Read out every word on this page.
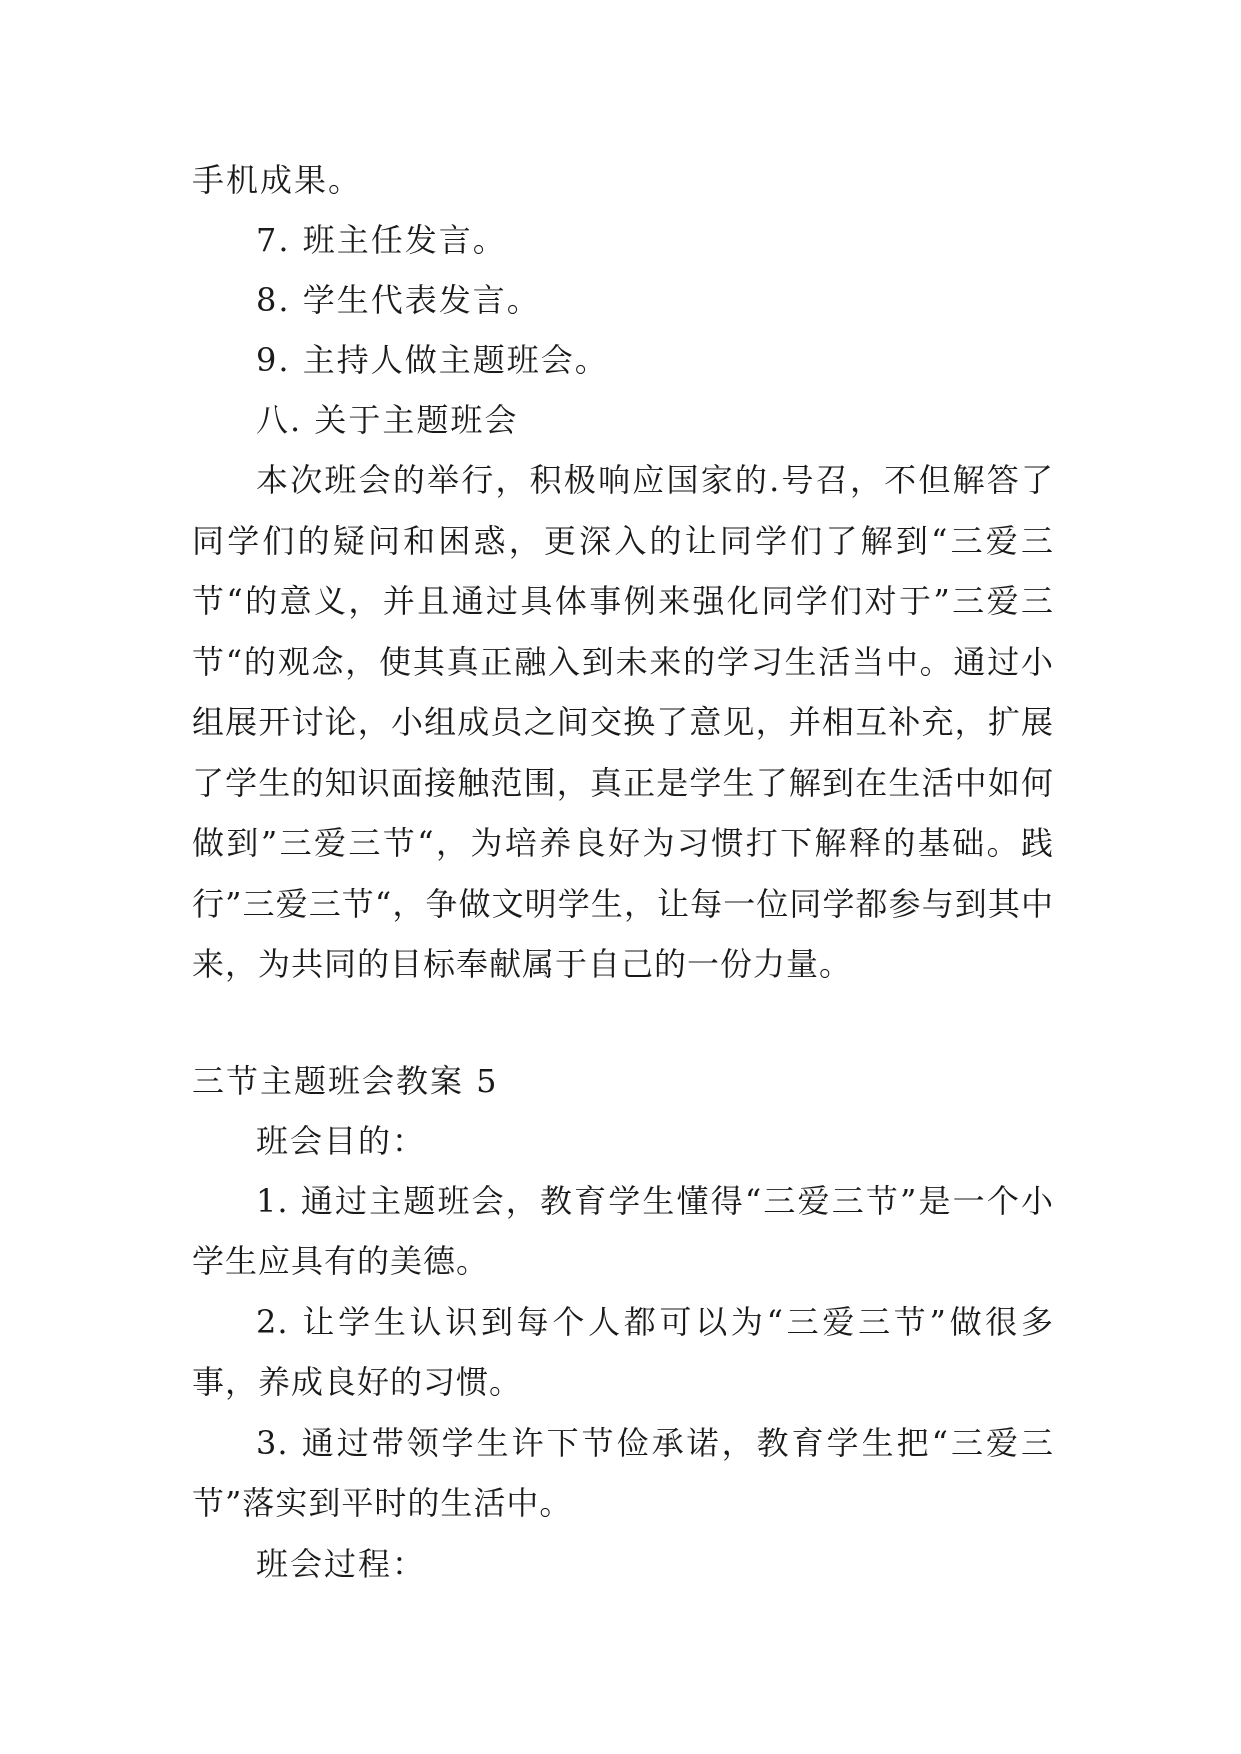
手机成果。
7. 班主任发言。
8. 学生代表发言。
9. 主持人做主题班会。
八. 关于主题班会
本次班会的举行，积极响应国家的.号召，不但解答了同学们的疑问和困惑，更深入的让同学们了解到“三爱三节“的意义，并且通过具体事例来强化同学们对于”三爱三节“的观念，使其真正融入到未来的学习生活当中。通过小组展开讨论，小组成员之间交换了意见，并相互补充，扩展了学生的知识面接触范围，真正是学生了解到在生活中如何做到”三爱三节“，为培养良好为习惯打下解释的基础。践行”三爱三节“，争做文明学生，让每一位同学都参与到其中来，为共同的目标奉献属于自己的一份力量。
三节主题班会教案 5
班会目的：
1. 通过主题班会，教育学生懂得“三爱三节”是一个小学生应具有的美德。
2. 让学生认识到每个人都可以为“三爱三节”做很多事，养成良好的习惯。
3. 通过带领学生许下节俭承诺，教育学生把“三爱三节”落实到平时的生活中。
班会过程：
